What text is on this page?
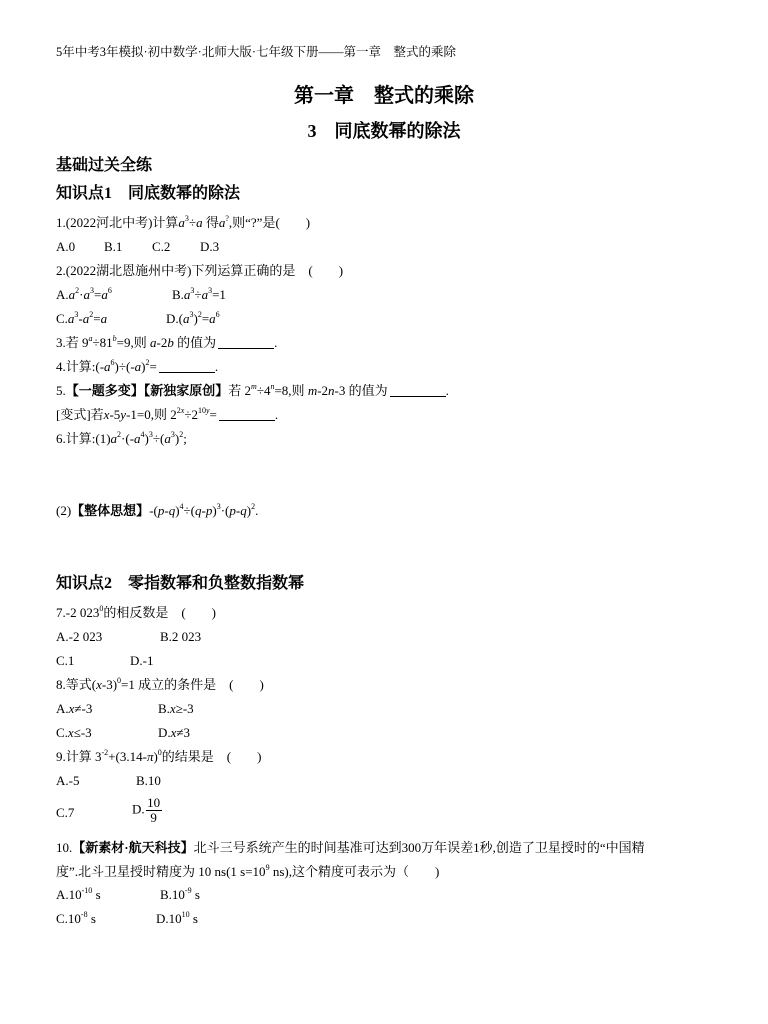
5年中考3年模拟·初中数学·北师大版·七年级下册——第一章　整式的乘除
第一章　整式的乘除
3　同底数幂的除法
基础过关全练
知识点1　同底数幂的除法
1.(2022河北中考)计算$a^3\div a$ 得a?,则“?”是(　　)
A.0 B.1 C.2 D.3
2.(2022湖北恩施州中考)下列运算正确的是　(　　)
$A.a^2\cdot a^3=a^6$	$B.a^3\div a^3=1$
$C.a^3-a^2=a$	$D.(a^3)^2=a^6$
3.若 $9^a\div 81^b=9$,则 a-2b 的值为	.
4.计算$:(-a^6)\div(-a)^2=$	.
5.【一题多变】【新独家原创】若 $2^m\div 4^n=8$,则 m-2n-3 的值为	.
[变式]若x-5y-1=0,则 $2^{2x}\div 2^{10y}=$	.
6.计算$:(1)a^2\cdot(-a^4)^3\div(a^3)^2$;
(2)【整体思想】$-(p-q)^4\div(q-p)^3\cdot(p-q)^2$.
知识点2　零指数幂和负整数指数幂
7.-2 $023^0$的相反数是　(　　)
A.-2 023	B.2 023
C.1	D.-1
8.等式$(x-3)^0=1$ 成立的条件是　(　　)
A.x≠-3	B.x≥-3
C.x≤-3	D.x≠3
9.计算 $3^{-2}+(3.14-\pi)^0$的结果是　(　　)
A.-5	B.10
C.7	D. $\frac{10}{9}$
10.【新素材·航天科技】北斗三号系统产生的时间基准可达到300万年误差1秒,创造了卫星授时的“中国精
度”.北斗卫星授时精度为 10 ns(1 $s=10^9$ ns),这个精度可表示为（　　)
$A.10^{-10}$ s	$B.10^{-9}$ s
$C.10^{-8}$ s	$D.10^{10}$ s
